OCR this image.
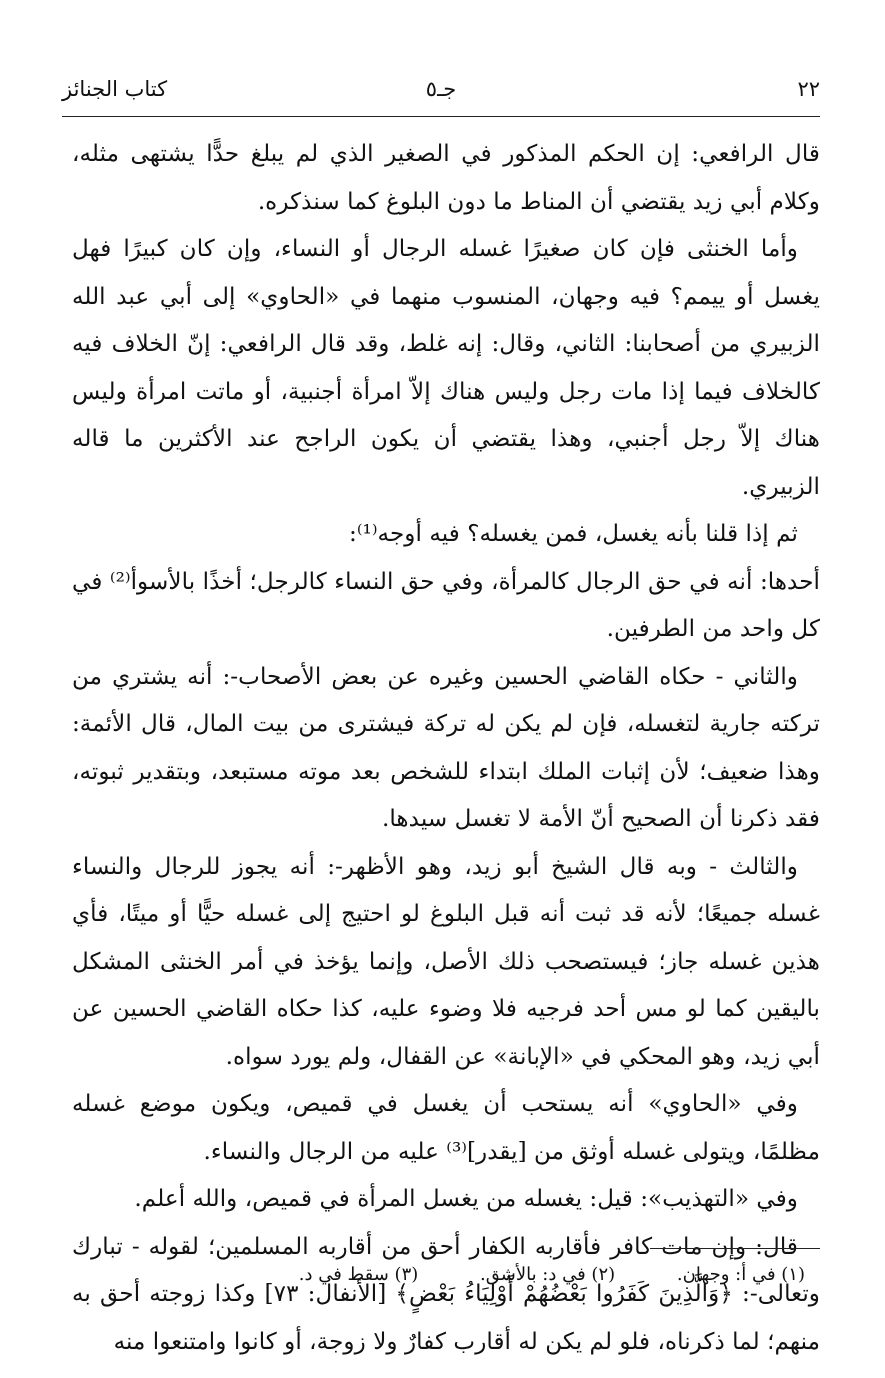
٢٢
جـ٥
كتاب الجنائز

قال الرافعي: إن الحكم المذكور في الصغير الذي لم يبلغ حدًّا يشتهى مثله، وكلام أبي زيد يقتضي أن المناط ما دون البلوغ كما سنذكره.

وأما الخنثى فإن كان صغيرًا غسله الرجال أو النساء، وإن كان كبيرًا فهل يغسل أو ييمم؟ فيه وجهان، المنسوب منهما في «الحاوي» إلى أبي عبد الله الزبيري من أصحابنا: الثاني، وقال: إنه غلط، وقد قال الرافعي: إنّ الخلاف فيه كالخلاف فيما إذا مات رجل وليس هناك إلاّ امرأة أجنبية، أو ماتت امرأة وليس هناك إلاّ رجل أجنبي، وهذا يقتضي أن يكون الراجح عند الأكثرين ما قاله الزبيري.

ثم إذا قلنا بأنه يغسل، فمن يغسله؟ فيه أوجه⁽¹⁾:

أحدها: أنه في حق الرجال كالمرأة، وفي حق النساء كالرجل؛ أخذًا بالأسوأ⁽²⁾ في كل واحد من الطرفين.

والثاني - حكاه القاضي الحسين وغيره عن بعض الأصحاب-: أنه يشتري من تركته جارية لتغسله، فإن لم يكن له تركة فيشترى من بيت المال، قال الأئمة: وهذا ضعيف؛ لأن إثبات الملك ابتداء للشخص بعد موته مستبعد، وبتقدير ثبوته، فقد ذكرنا أن الصحيح أنّ الأمة لا تغسل سيدها.

والثالث - وبه قال الشيخ أبو زيد، وهو الأظهر-: أنه يجوز للرجال والنساء غسله جميعًا؛ لأنه قد ثبت أنه قبل البلوغ لو احتيج إلى غسله حيًّا أو ميتًا، فأي هذين غسله جاز؛ فيستصحب ذلك الأصل، وإنما يؤخذ في أمر الخنثى المشكل باليقين كما لو مس أحد فرجيه فلا وضوء عليه، كذا حكاه القاضي الحسين عن أبي زيد، وهو المحكي في «الإبانة» عن القفال، ولم يورد سواه.

وفي «الحاوي» أنه يستحب أن يغسل في قميص، ويكون موضع غسله مظلمًا، ويتولى غسله أوثق من [يقدر]⁽³⁾ عليه من الرجال والنساء.

وفي «التهذيب»: قيل: يغسله من يغسل المرأة في قميص، والله أعلم.

قال: وإن مات كافر فأقاربه الكفار أحق من أقاربه المسلمين؛ لقوله - تبارك وتعالى-: ﴿وَالَّذِينَ كَفَرُوا بَعْضُهُمْ أَوْلِيَاءُ بَعْضٍ﴾ [الأنفال: ٧٣] وكذا زوجته أحق به منهم؛ لما ذكرناه، فلو لم يكن له أقارب كفارٌ ولا زوجة، أو كانوا وامتنعوا منه

(١) في أ: وجهان. (٢) في د: بالأشق. (٣) سقط في د.
